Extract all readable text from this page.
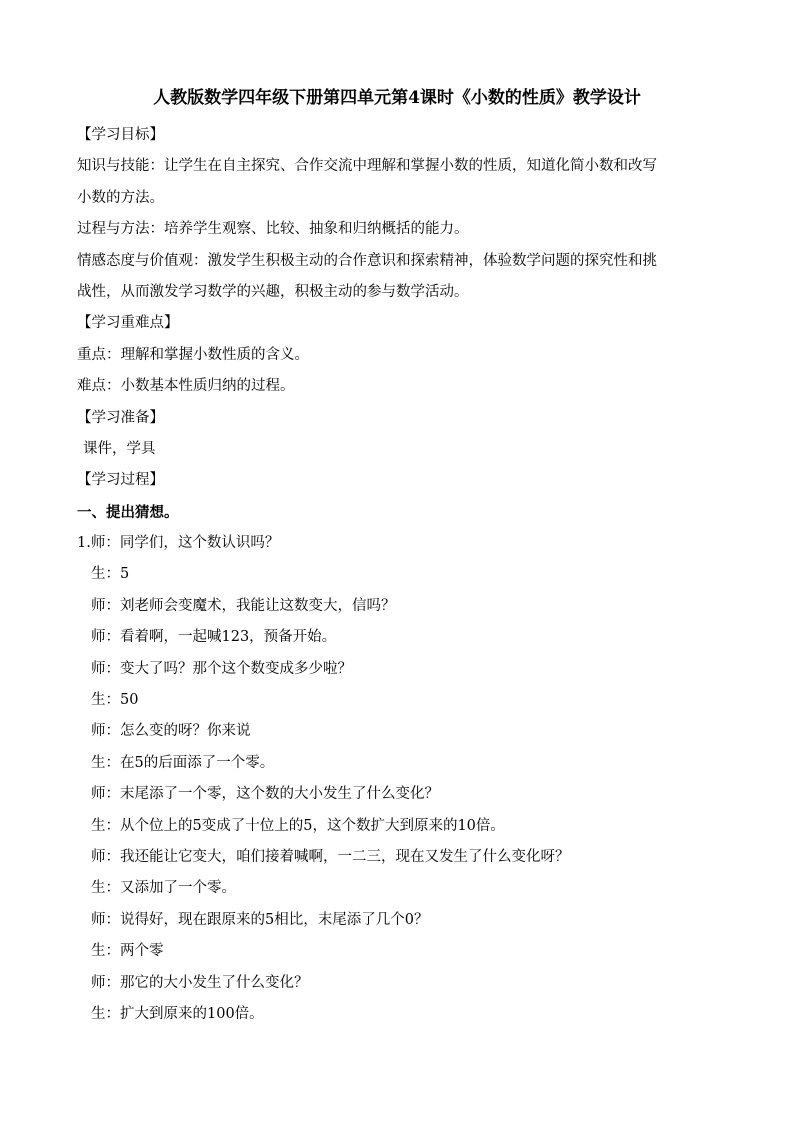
人教版数学四年级下册第四单元第4课时《小数的性质》教学设计
【学习目标】
知识与技能：让学生在自主探究、合作交流中理解和掌握小数的性质，知道化简小数和改写
小数的方法。
过程与方法：培养学生观察、比较、抽象和归纳概括的能力。
情感态度与价值观：激发学生积极主动的合作意识和探索精神，体验数学问题的探究性和挑
战性，从而激发学习数学的兴趣，积极主动的参与数学活动。
【学习重难点】
重点：理解和掌握小数性质的含义。
难点：小数基本性质归纳的过程。
【学习准备】
课件，学具
【学习过程】
一、提出猜想。
1.师：同学们，这个数认识吗？
生：5
师：刘老师会变魔术，我能让这数变大，信吗？
师：看着啊，一起喊123，预备开始。
师：变大了吗？那个这个数变成多少啦？
生：50
师：怎么变的呀？你来说
生：在5的后面添了一个零。
师：末尾添了一个零，这个数的大小发生了什么变化？
生：从个位上的5变成了十位上的5，这个数扩大到原来的10倍。
师：我还能让它变大，咱们接着喊啊，一二三，现在又发生了什么变化呀？
生：又添加了一个零。
师：说得好，现在跟原来的5相比，末尾添了几个0？
生：两个零
师：那它的大小发生了什么变化？
生：扩大到原来的100倍。
